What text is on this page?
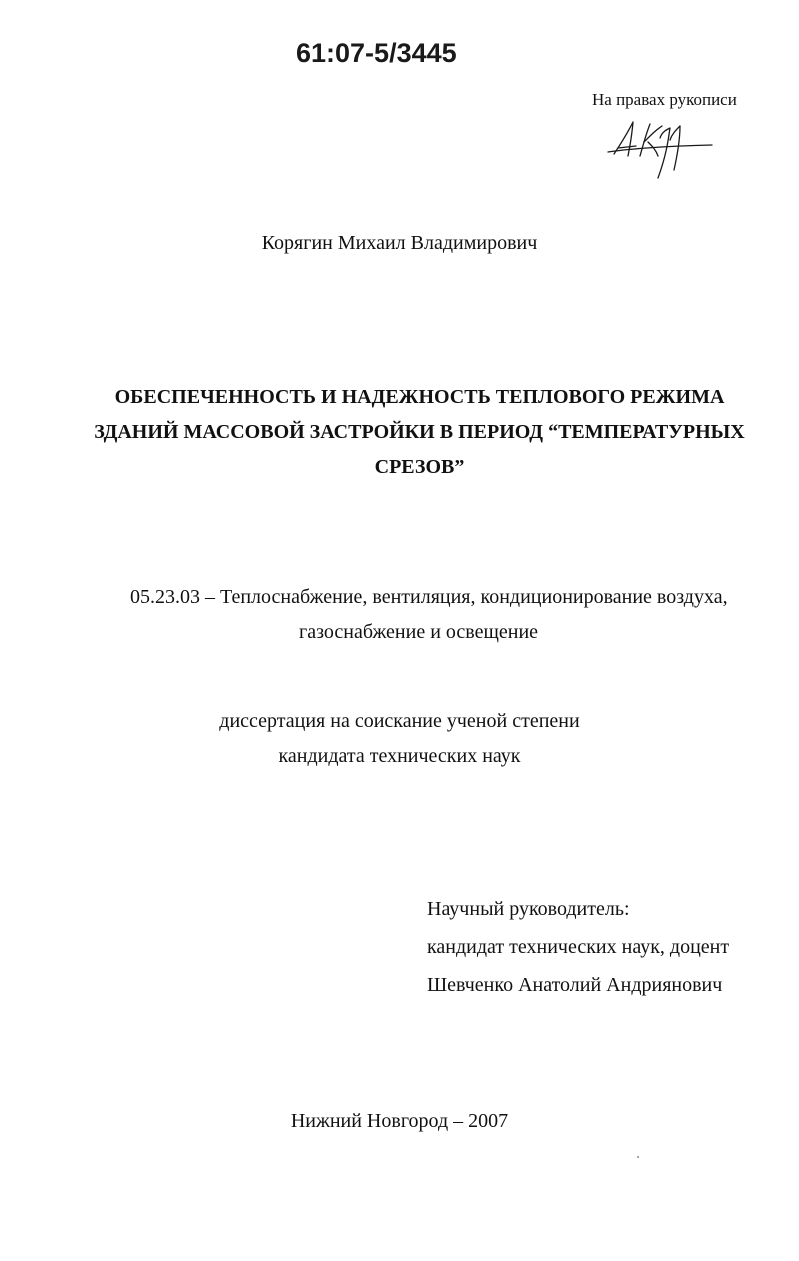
61:07-5/3445
На правах рукописи
Корягин Михаил Владимирович
ОБЕСПЕЧЕННОСТЬ И НАДЕЖНОСТЬ ТЕПЛОВОГО РЕЖИМА
ЗДАНИЙ МАССОВОЙ ЗАСТРОЙКИ В ПЕРИОД “ТЕМПЕРАТУРНЫХ
СРЕЗОВ”
05.23.03 – Теплоснабжение, вентиляция, кондиционирование воздуха,
газоснабжение и освещение
диссертация на соискание ученой степени
кандидата технических наук
Научный руководитель:
кандидат технических наук, доцент
Шевченко Анатолий Андриянович
Нижний Новгород – 2007
